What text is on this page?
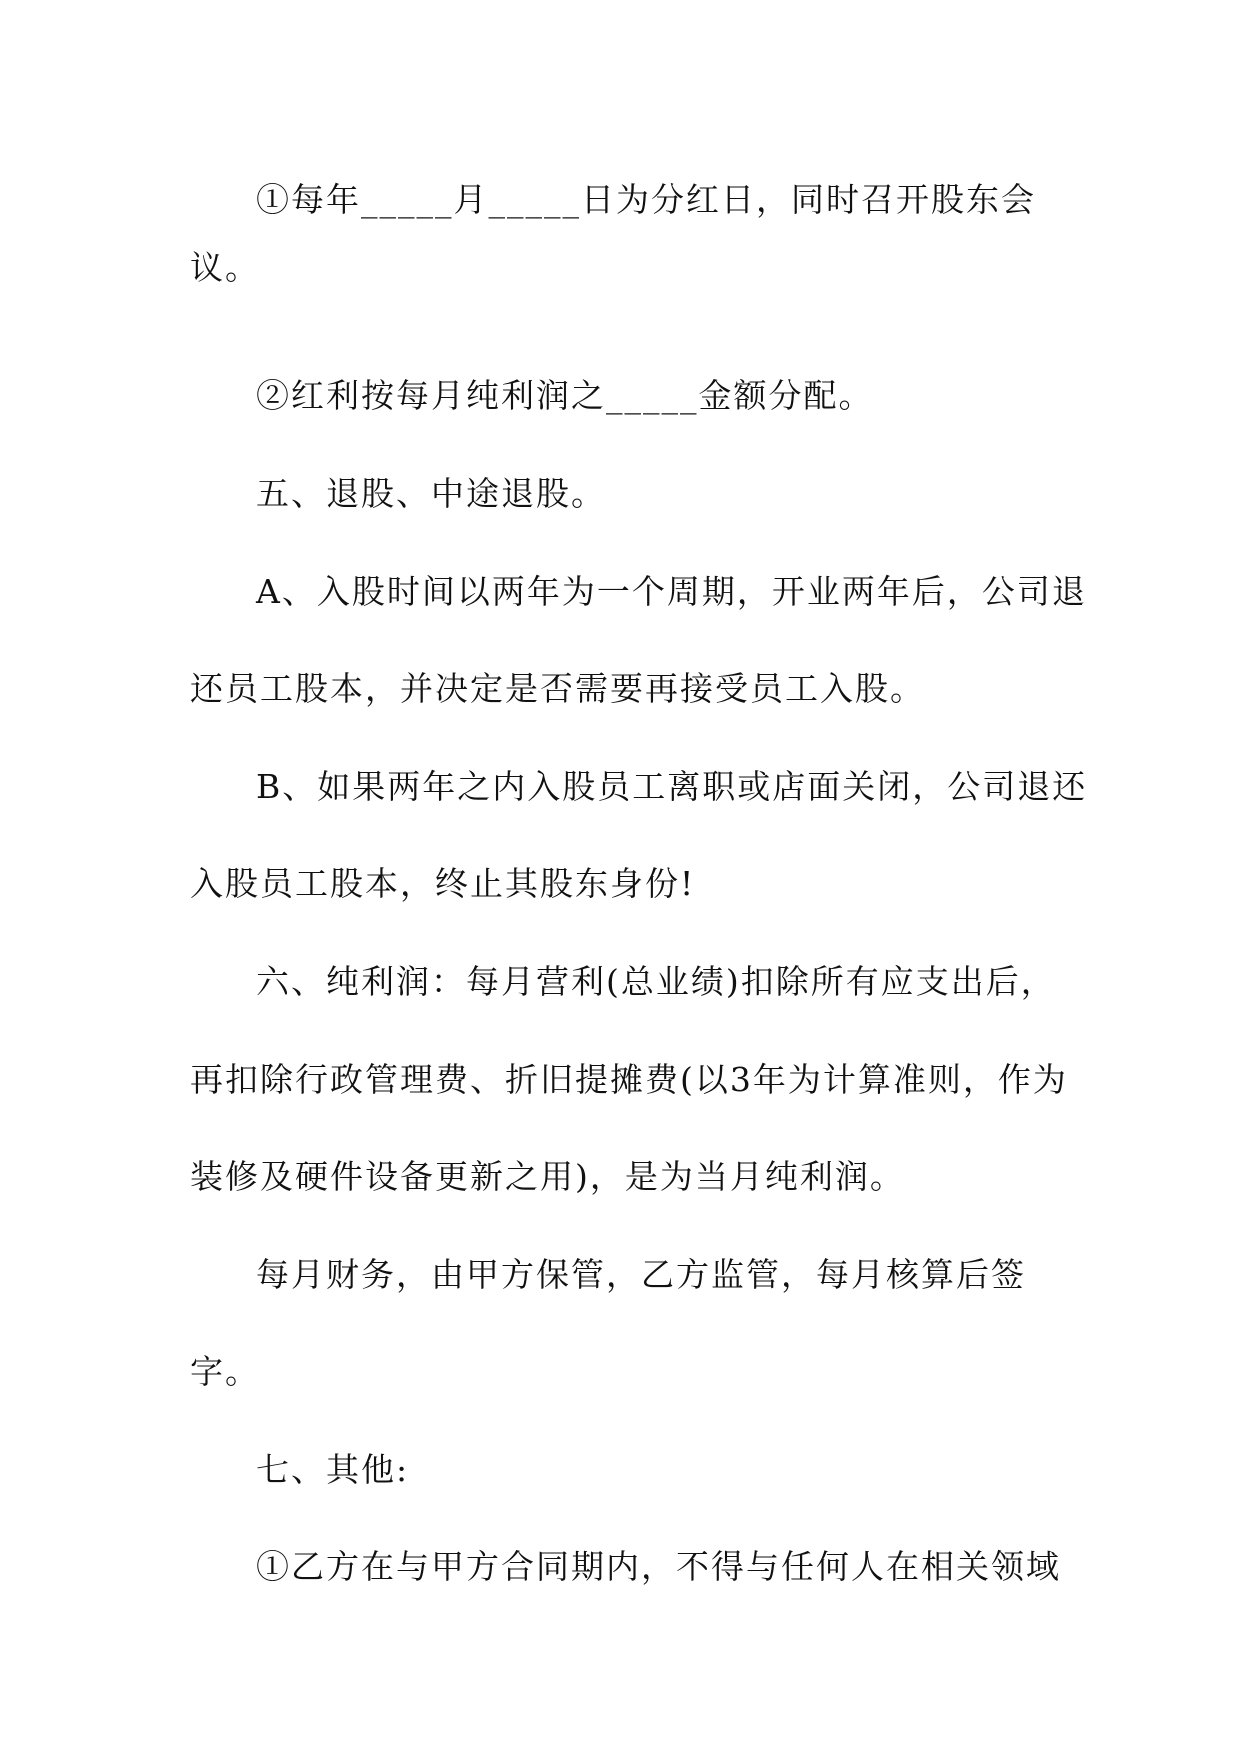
①每年_____月_____日为分红日，同时召开股东会
议。
②红利按每月纯利润之_____金额分配。
五、退股、中途退股。
A、入股时间以两年为一个周期，开业两年后，公司退
还员工股本，并决定是否需要再接受员工入股。
B、如果两年之内入股员工离职或店面关闭，公司退还
入股员工股本，终止其股东身份!
六、纯利润：每月营利(总业绩)扣除所有应支出后，
再扣除行政管理费、折旧提摊费(以3年为计算准则，作为
装修及硬件设备更新之用)，是为当月纯利润。
每月财务，由甲方保管，乙方监管，每月核算后签
字。
七、其他:
①乙方在与甲方合同期内，不得与任何人在相关领域
